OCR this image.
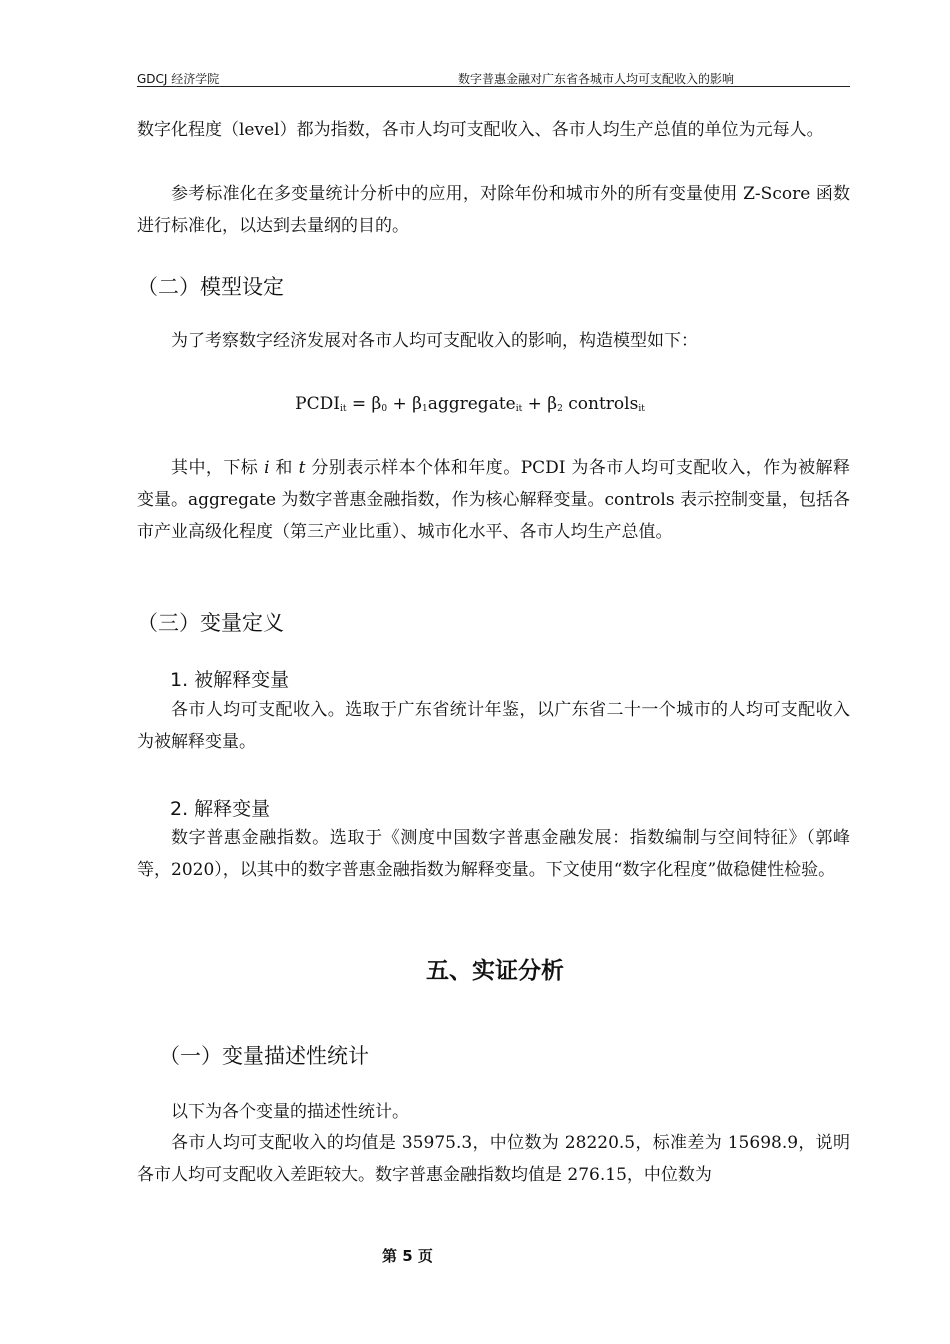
GDCJ 经济学院	数字普惠金融对广东省各城市人均可支配收入的影响
数字化程度（level）都为指数，各市人均可支配收入、各市人均生产总值的单位为元每人。
参考标准化在多变量统计分析中的应用，对除年份和城市外的所有变量使用 Z-Score 函数进行标准化，以达到去量纲的目的。
（二）模型设定
为了考察数字经济发展对各市人均可支配收入的影响，构造模型如下：
$PCDI_{it} = \beta_0$ + $\beta_1aggregate_{it} + \beta_2$ controls$_{it}$
其中，下标 i 和 t 分别表示样本个体和年度。PCDI 为各市人均可支配收入，作为被解释变量。aggregate 为数字普惠金融指数，作为核心解释变量。controls 表示控制变量，包括各市产业高级化程度（第三产业比重）、城市化水平、各市人均生产总值。
（三）变量定义
1. 被解释变量
各市人均可支配收入。选取于广东省统计年鉴，以广东省二十一个城市的人均可支配收入为被解释变量。
2. 解释变量
数字普惠金融指数。选取于《测度中国数字普惠金融发展：指数编制与空间特征》（郭峰等，2020），以其中的数字普惠金融指数为解释变量。下文使用“数字化程度”做稳健性检验。
五、实证分析
（一）变量描述性统计
以下为各个变量的描述性统计。
各市人均可支配收入的均值是 35975.3，中位数为 28220.5，标准差为 15698.9，说明各市人均可支配收入差距较大。数字普惠金融指数均值是 276.15，中位数为
第 5 页
